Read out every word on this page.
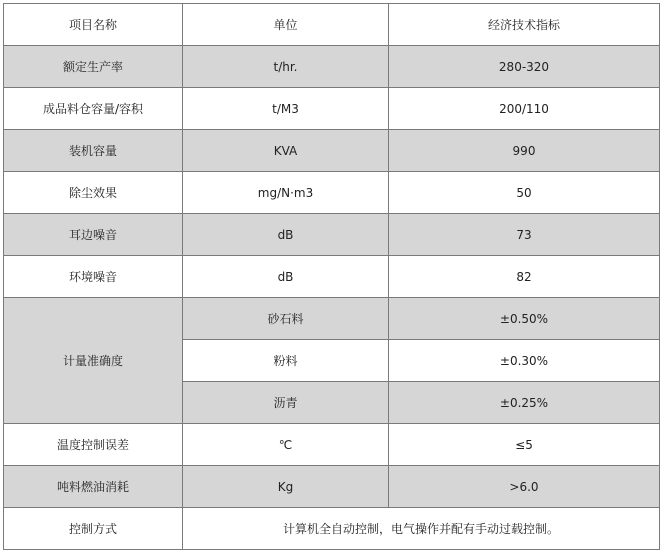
项目名称	单位	经济技术指标
额定生产率	t/hr.	280-320
成品料仓容量/容积	t/M3	200/110
装机容量	KVA	990
除尘效果	mg/N·m3	50
耳边噪音	dB	73
环境噪音	dB	82
计量准确度	砂石料	±0.50%
	粉料	±0.30%
	沥青	±0.25%
温度控制误差	℃	≤5
吨料燃油消耗	Kg	>6.0
控制方式	计算机全自动控制，电气操作并配有手动过载控制。	
